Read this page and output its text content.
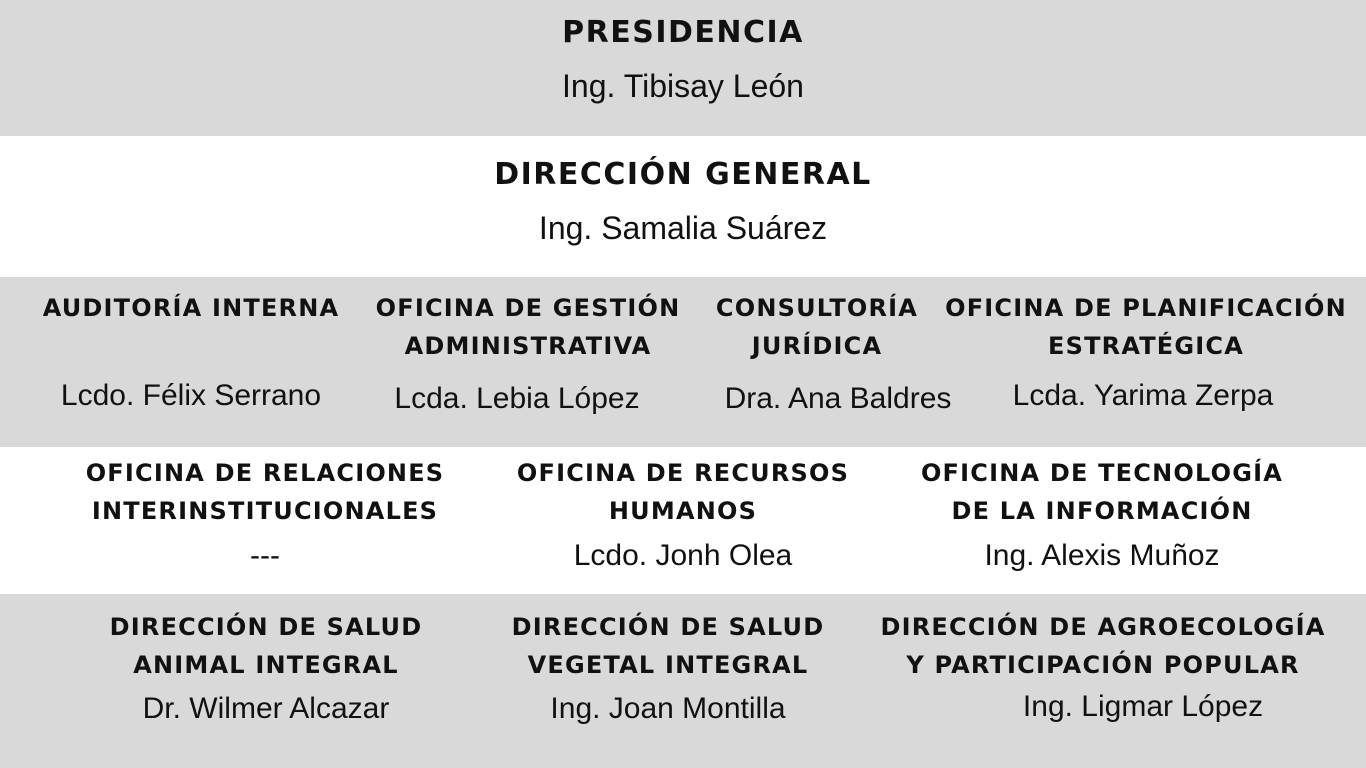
PRESIDENCIA
Ing. Tibisay León
DIRECCIÓN GENERAL
Ing. Samalia Suárez
AUDITORÍA INTERNA
Lcdo. Félix Serrano
OFICINA DE GESTIÓN
ADMINISTRATIVA
Lcda. Lebia López
CONSULTORÍA
JURÍDICA
Dra. Ana Baldres
OFICINA DE PLANIFICACIÓN
ESTRATÉGICA
Lcda. Yarima Zerpa
OFICINA DE RELACIONES
INTERINSTITUCIONALES
---
OFICINA DE RECURSOS
HUMANOS
Lcdo. Jonh Olea
OFICINA DE TECNOLOGÍA
DE LA INFORMACIÓN
Ing. Alexis Muñoz
DIRECCIÓN DE SALUD
ANIMAL INTEGRAL
Dr. Wilmer Alcazar
DIRECCIÓN DE SALUD
VEGETAL INTEGRAL
Ing. Joan Montilla
DIRECCIÓN DE AGROECOLOGÍA
Y PARTICIPACIÓN POPULAR
Ing. Ligmar López
